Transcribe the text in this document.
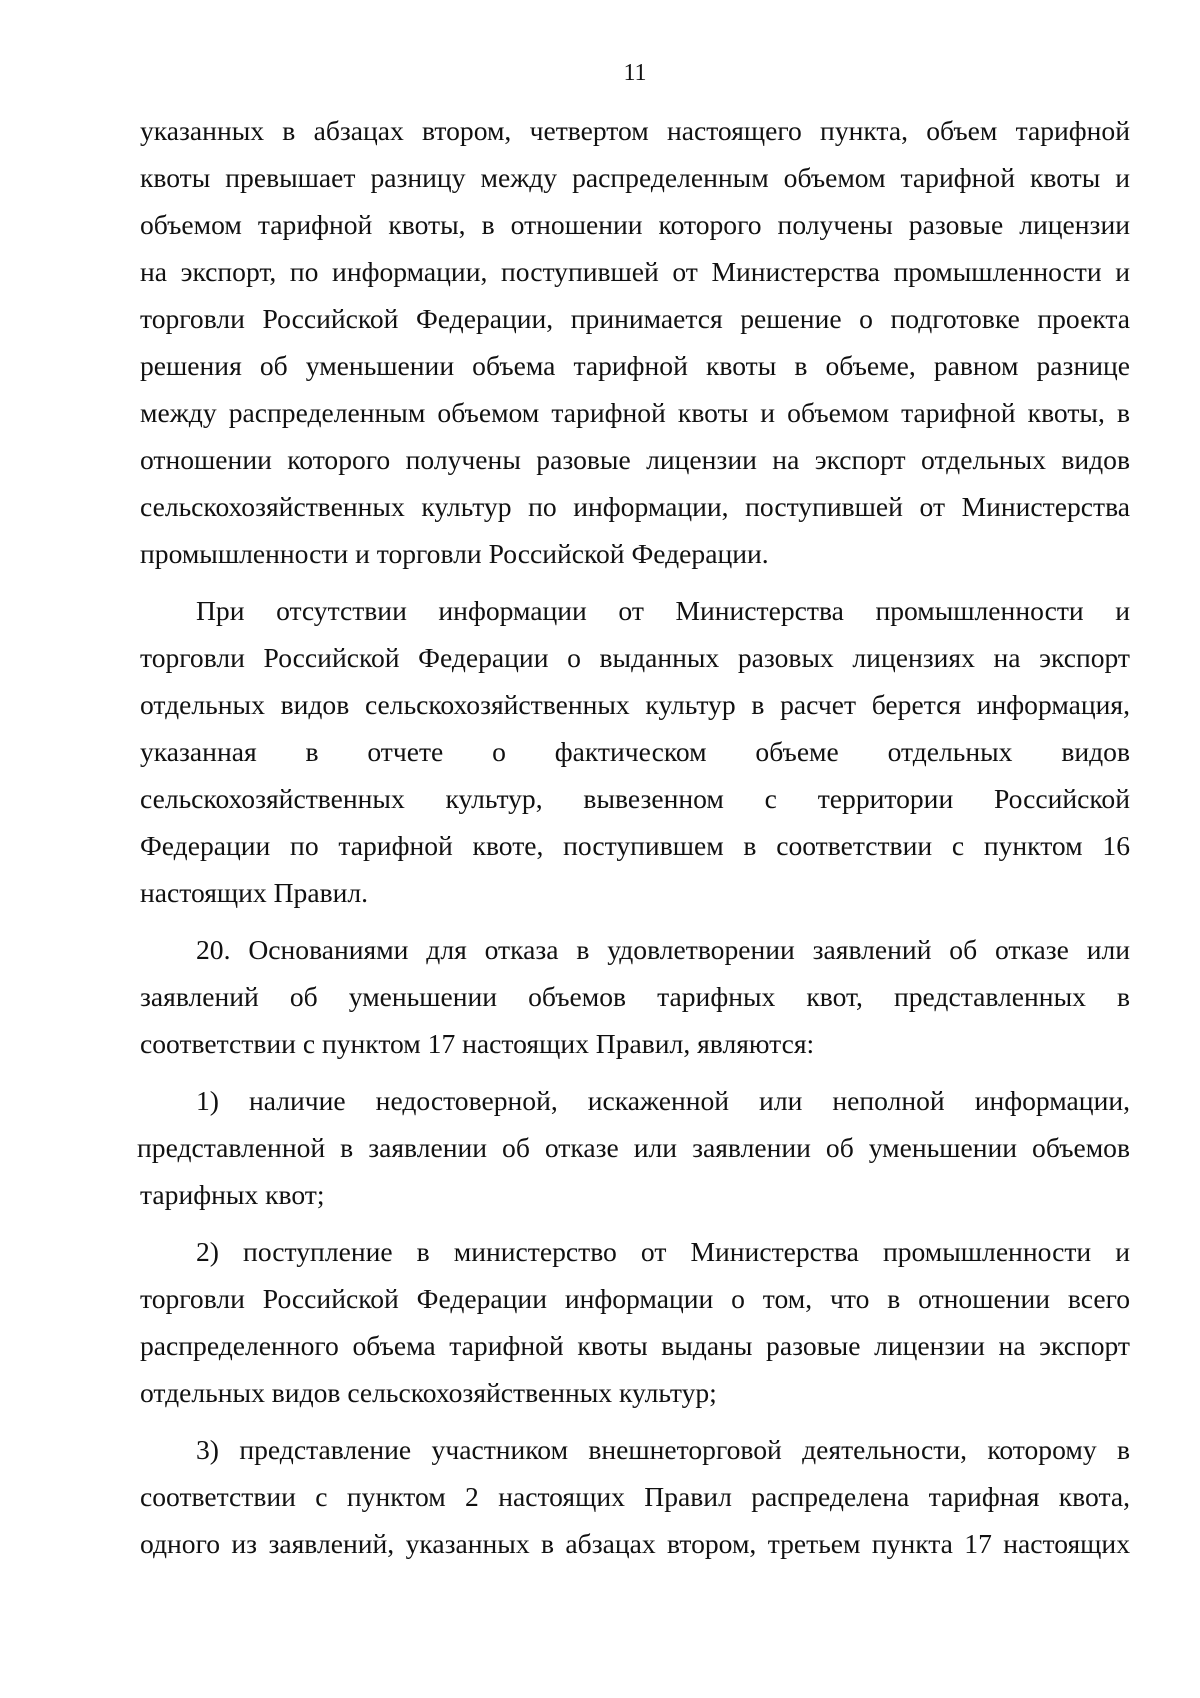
11
указанных в абзацах втором, четвертом настоящего пункта, объем тарифной
квоты превышает разницу между распределенным объемом тарифной квоты и
объемом тарифной квоты, в отношении которого получены разовые лицензии
на экспорт, по информации, поступившей от Министерства промышленности и
торговли Российской Федерации, принимается решение о подготовке проекта
решения об уменьшении объема тарифной квоты в объеме, равном разнице
между распределенным объемом тарифной квоты и объемом тарифной квоты, в
отношении которого получены разовые лицензии на экспорт отдельных видов
сельскохозяйственных культур по информации, поступившей от Министерства
промышленности и торговли Российской Федерации.
При отсутствии информации от Министерства промышленности и
торговли Российской Федерации о выданных разовых лицензиях на экспорт
отдельных видов сельскохозяйственных культур в расчет берется информация,
указанная в отчете о фактическом объеме отдельных видов
сельскохозяйственных культур, вывезенном с территории Российской
Федерации по тарифной квоте, поступившем в соответствии с пунктом 16
настоящих Правил.
20. Основаниями для отказа в удовлетворении заявлений об отказе или
заявлений об уменьшении объемов тарифных квот, представленных в
соответствии с пунктом 17 настоящих Правил, являются:
1) наличие недостоверной, искаженной или неполной информации,
представленной в заявлении об отказе или заявлении об уменьшении объемов
тарифных квот;
2) поступление в министерство от Министерства промышленности и
торговли Российской Федерации информации о том, что в отношении всего
распределенного объема тарифной квоты выданы разовые лицензии на экспорт
отдельных видов сельскохозяйственных культур;
3) представление участником внешнеторговой деятельности, которому в
соответствии с пунктом 2 настоящих Правил распределена тарифная квота,
одного из заявлений, указанных в абзацах втором, третьем пункта 17 настоящих
